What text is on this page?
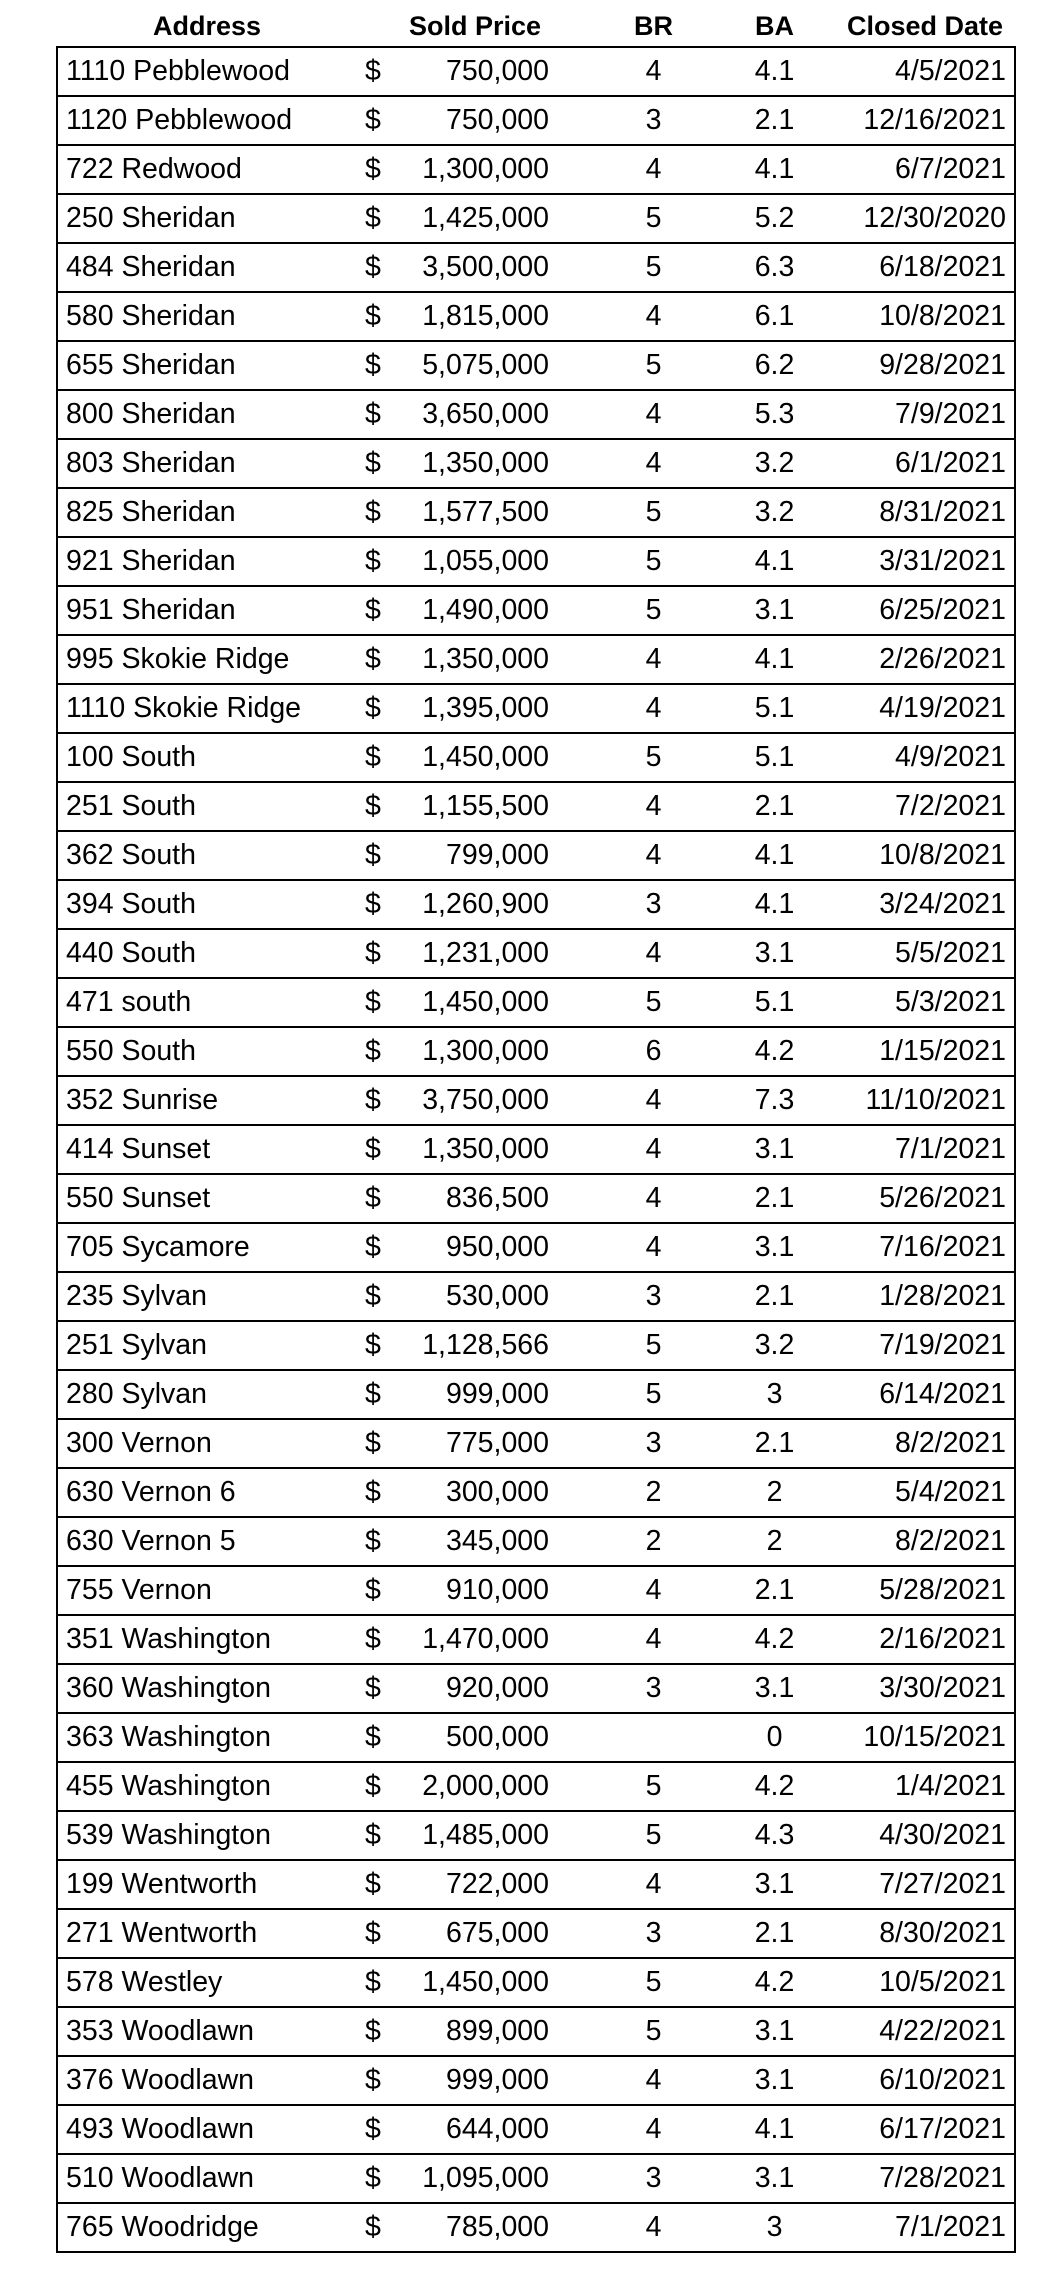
Address	Sold Price	BR	BA	Closed Date
1110 Pebblewood	$ 750,000	4	4.1	4/5/2021
1120 Pebblewood	$ 750,000	3	2.1	12/16/2021
722 Redwood	$ 1,300,000	4	4.1	6/7/2021
250 Sheridan	$ 1,425,000	5	5.2	12/30/2020
484 Sheridan	$ 3,500,000	5	6.3	6/18/2021
580 Sheridan	$ 1,815,000	4	6.1	10/8/2021
655 Sheridan	$ 5,075,000	5	6.2	9/28/2021
800 Sheridan	$ 3,650,000	4	5.3	7/9/2021
803 Sheridan	$ 1,350,000	4	3.2	6/1/2021
825 Sheridan	$ 1,577,500	5	3.2	8/31/2021
921 Sheridan	$ 1,055,000	5	4.1	3/31/2021
951 Sheridan	$ 1,490,000	5	3.1	6/25/2021
995 Skokie Ridge	$ 1,350,000	4	4.1	2/26/2021
1110 Skokie Ridge	$ 1,395,000	4	5.1	4/19/2021
100 South	$ 1,450,000	5	5.1	4/9/2021
251 South	$ 1,155,500	4	2.1	7/2/2021
362 South	$ 799,000	4	4.1	10/8/2021
394 South	$ 1,260,900	3	4.1	3/24/2021
440 South	$ 1,231,000	4	3.1	5/5/2021
471 south	$ 1,450,000	5	5.1	5/3/2021
550 South	$ 1,300,000	6	4.2	1/15/2021
352 Sunrise	$ 3,750,000	4	7.3	11/10/2021
414 Sunset	$ 1,350,000	4	3.1	7/1/2021
550 Sunset	$ 836,500	4	2.1	5/26/2021
705 Sycamore	$ 950,000	4	3.1	7/16/2021
235 Sylvan	$ 530,000	3	2.1	1/28/2021
251 Sylvan	$ 1,128,566	5	3.2	7/19/2021
280 Sylvan	$ 999,000	5	3	6/14/2021
300 Vernon	$ 775,000	3	2.1	8/2/2021
630 Vernon 6	$ 300,000	2	2	5/4/2021
630 Vernon 5	$ 345,000	2	2	8/2/2021
755 Vernon	$ 910,000	4	2.1	5/28/2021
351 Washington	$ 1,470,000	4	4.2	2/16/2021
360 Washington	$ 920,000	3	3.1	3/30/2021
363 Washington	$ 500,000		0	10/15/2021
455 Washington	$ 2,000,000	5	4.2	1/4/2021
539 Washington	$ 1,485,000	5	4.3	4/30/2021
199 Wentworth	$ 722,000	4	3.1	7/27/2021
271 Wentworth	$ 675,000	3	2.1	8/30/2021
578 Westley	$ 1,450,000	5	4.2	10/5/2021
353 Woodlawn	$ 899,000	5	3.1	4/22/2021
376 Woodlawn	$ 999,000	4	3.1	6/10/2021
493 Woodlawn	$ 644,000	4	4.1	6/17/2021
510 Woodlawn	$ 1,095,000	3	3.1	7/28/2021
765 Woodridge	$ 785,000	4	3	7/1/2021
